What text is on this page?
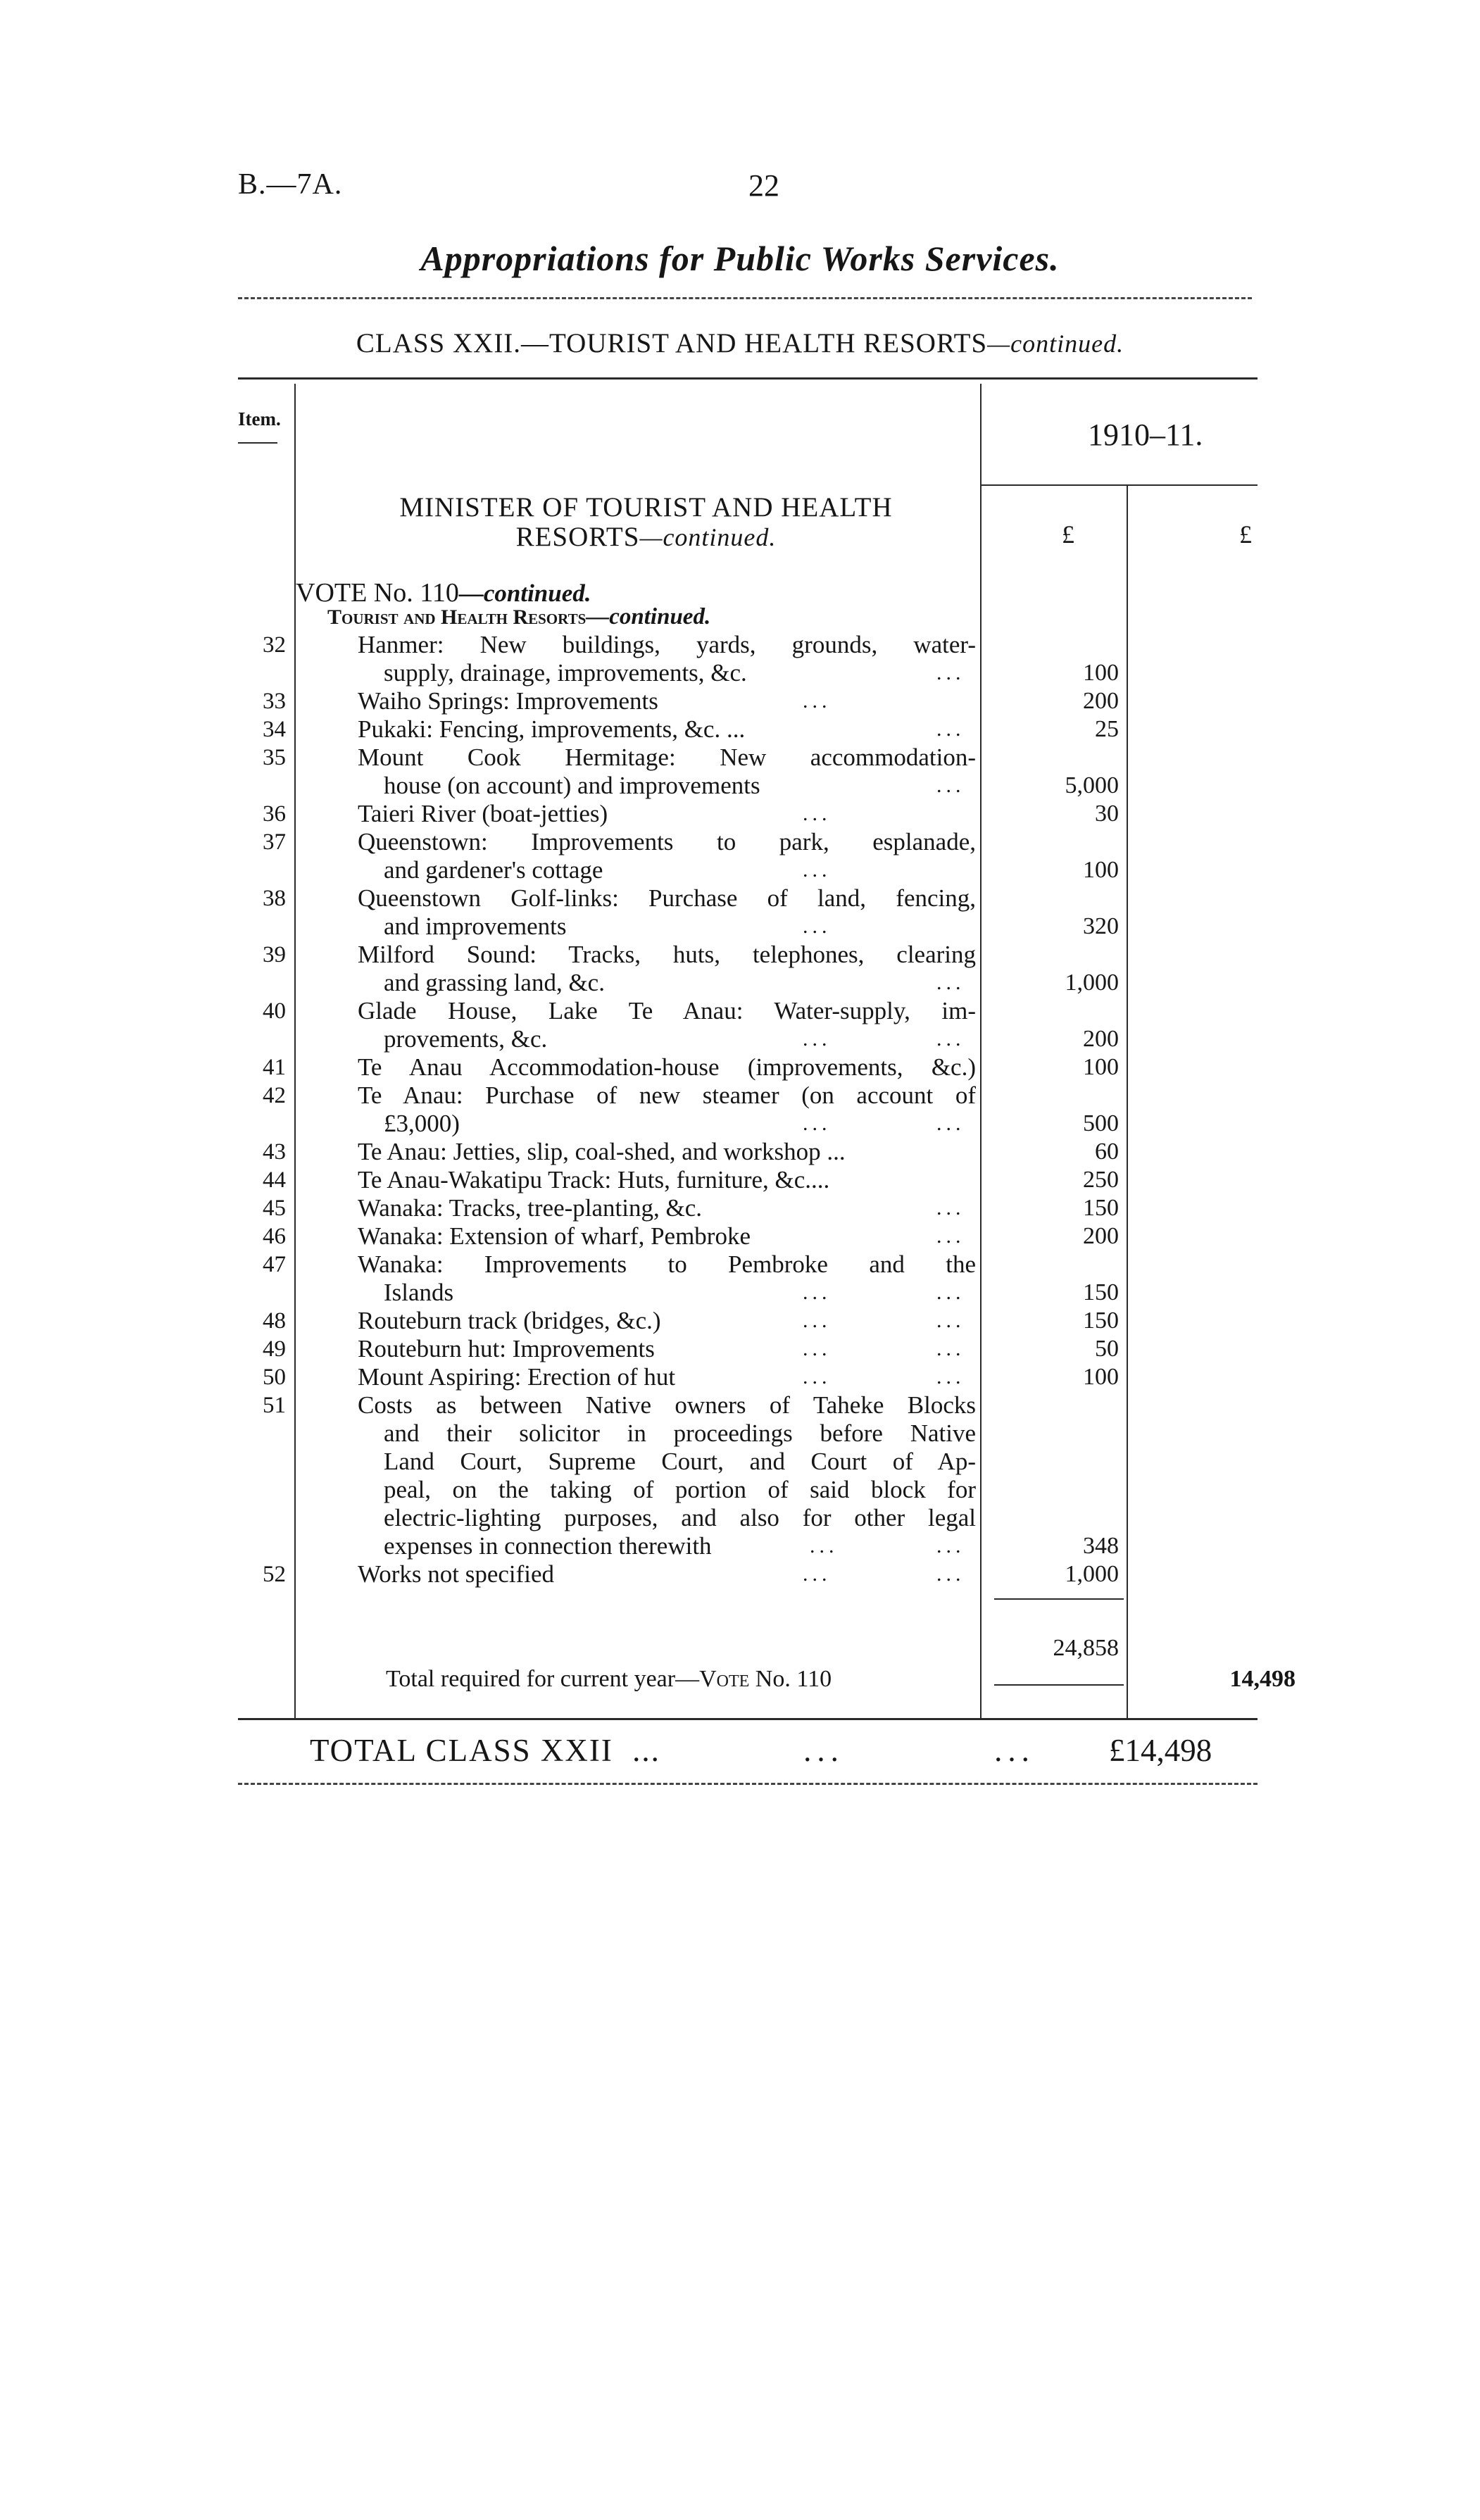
B.—7A.	22
Appropriations for Public Works Services.
CLASS XXII.—TOURIST AND HEALTH RESORTS—continued.
Item.	1910–11.
MINISTER OF TOURIST AND HEALTH
RESORTS—continued.	£	£
VOTE No. 110—continued.
Tourist and Health Resorts—continued.
32	Hanmer: New buildings, yards, grounds, water-
supply, drainage, improvements, &c.	...	100
33	Waiho Springs: Improvements	...	200
34	Pukaki: Fencing, improvements, &c. ...	...	25
35	Mount Cook Hermitage: New accommodation-
house (on account) and improvements	...	5,000
36	Taieri River (boat-jetties)	...	30
37	Queenstown: Improvements to park, esplanade,
and gardener's cottage	...	100
38	Queenstown Golf-links: Purchase of land, fencing,
and improvements	...	320
39	Milford Sound: Tracks, huts, telephones, clearing
and grassing land, &c.	...	1,000
40	Glade House, Lake Te Anau: Water-supply, im-
provements, &c.	...	...	200
41	Te Anau Accommodation-house (improvements, &c.)	100
42	Te Anau: Purchase of new steamer (on account of
£3,000)	...	...	500
43	Te Anau: Jetties, slip, coal-shed, and workshop ...	60
44	Te Anau-Wakatipu Track: Huts, furniture, &c....	250
45	Wanaka: Tracks, tree-planting, &c.	...	150
46	Wanaka: Extension of wharf, Pembroke	...	200
47	Wanaka: Improvements to Pembroke and the
Islands	...	...	150
48	Routeburn track (bridges, &c.)	...	...	150
49	Routeburn hut: Improvements	...	...	50
50	Mount Aspiring: Erection of hut	...	...	100
51	Costs as between Native owners of Taheke Blocks
and their solicitor in proceedings before Native
Land Court, Supreme Court, and Court of Ap-
peal, on the taking of portion of said block for
electric-lighting purposes, and also for other legal
expenses in connection therewith	...	...	348
52	Works not specified	...	...	1,000
24,858
Total required for current year—Vote No. 110	14,498
TOTAL CLASS XXII ...	...	... £14,498
